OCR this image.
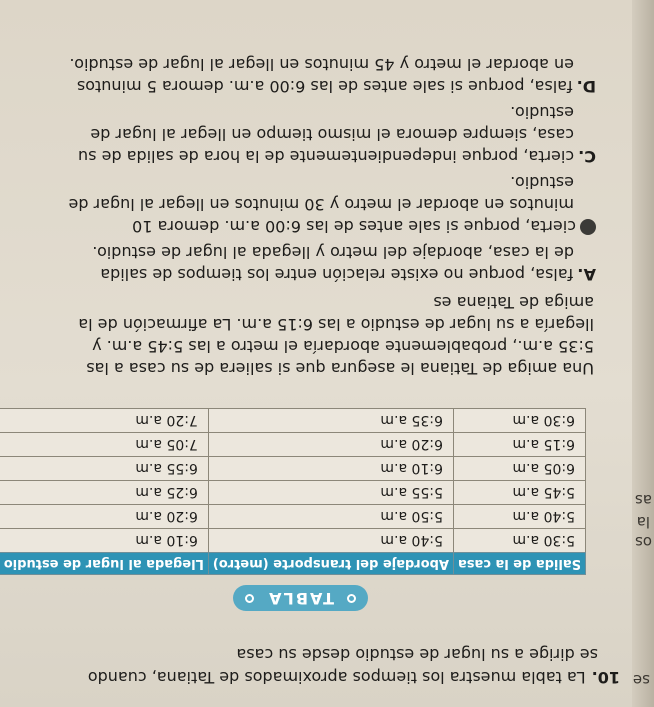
se
os
la
as
10.La tabla muestra los tiempos aproximados de Tatiana, cuando
se dirige a su lugar de estudio desde su casa
TABLA
Salida de la casa	Abordaje del transporte (metro)	Llegada al lugar de estudio
5:30 a.m	5:40 a.m	6:10 a.m
5:40 a.m	5:50 a.m	6:20 a.m
5:45 a.m	5:55 a.m	6:25 a.m
6:05 a.m	6:10 a.m	6:55 a.m
6:15 a.m	6:20 a.m	7:05 a.m
6:30 a.m	6:35 a.m	7:20 a.m

Una amiga de Tatiana le asegura que si saliera de su casa a las

5:35 a.m., probablemente abordaría el metro a las 5:45 a.m. y

llegaría a su lugar de estudio a las 6:15 a.m. La afirmación de la

amiga de Tatiana es

A.falsa, porque no existe relación entre los tiempos de salida
de la casa, abordaje del metro y llegada al lugar de estudio.
cierta, porque si sale antes de las 6:00 a.m. demora 10
minutos en abordar el metro y 30 minutos en llegar al lugar de
estudio.
C.cierta, porque independientemente de la hora de salida de su
casa, siempre demora el mismo tiempo en llegar al lugar de
estudio.
D.falsa, porque si sale antes de las 6:00 a.m. demora 5 minutos
en abordar el metro y 45 minutos en llegar al lugar de estudio.
